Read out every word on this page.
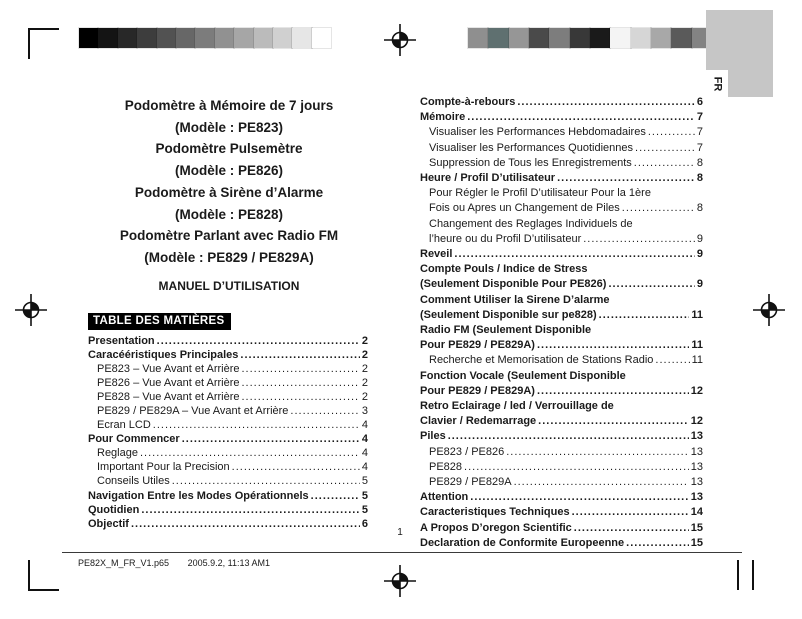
FR
Podomètre à Mémoire de 7 jours
(Modèle : PE823)
Podomètre Pulsemètre
(Modèle : PE826)
Podomètre à Sirène d’Alarme
(Modèle : PE828)
Podomètre Parlant avec Radio FM
(Modèle : PE829 / PE829A)
MANUEL D’UTILISATION
TABLE DES MATIÈRES
Presentation .....	2
Caracééristiques Principales .....	2
PE823 – Vue Avant et Arrière .....	2
PE826 – Vue Avant et Arrière .....	2
PE828 – Vue Avant et Arrière .....	2
PE829 / PE829A – Vue Avant et Arrière .....	3
Ecran LCD .....	4
Pour Commencer .....	4
Reglage .....	4
Important Pour la Precision .....	4
Conseils Utiles .....	5
Navigation Entre les Modes Opérationnels .....	5
Quotidien .....	5
Objectif .....	6
Compte-à-rebours .....	6
Mémoire .....	7
Visualiser les Performances Hebdomadaires .....	7
Visualiser les Performances Quotidiennes .....	7
Suppression de Tous les Enregistrements .....	8
Heure / Profil D’utilisateur .....	8
Pour Régler le Profil D’utilisateur Pour la 1ère
Fois ou Apres un Changement de Piles .....	8
Changement des Reglages Individuels de
l’heure ou du Profil D’utilisateur .....	9
Reveil .....	9
Compte Pouls / Indice de Stress
(Seulement Disponible Pour PE826) .....	9
Comment Utiliser la Sirene D’alarme
(Seulement Disponible sur pe828) .....	11
Radio FM (Seulement Disponible
Pour PE829 / PE829A) .....	11
Recherche et Memorisation de Stations Radio .....	11
Fonction Vocale (Seulement Disponible
Pour PE829 / PE829A) .....	12
Retro Eclairage / led / Verrouillage de
Clavier / Redemarrage .....	12
Piles .....	13
PE823 / PE826 .....	13
PE828 .....	13
PE829 / PE829A .....	13
Attention .....	13
Caracteristiques Techniques .....	14
A Propos D’oregon Scientific .....	15
Declaration de Conformite Europeenne .....	15
1
PE82X_M_FR_V1.p65 2005.9.2, 11:13 AM1
